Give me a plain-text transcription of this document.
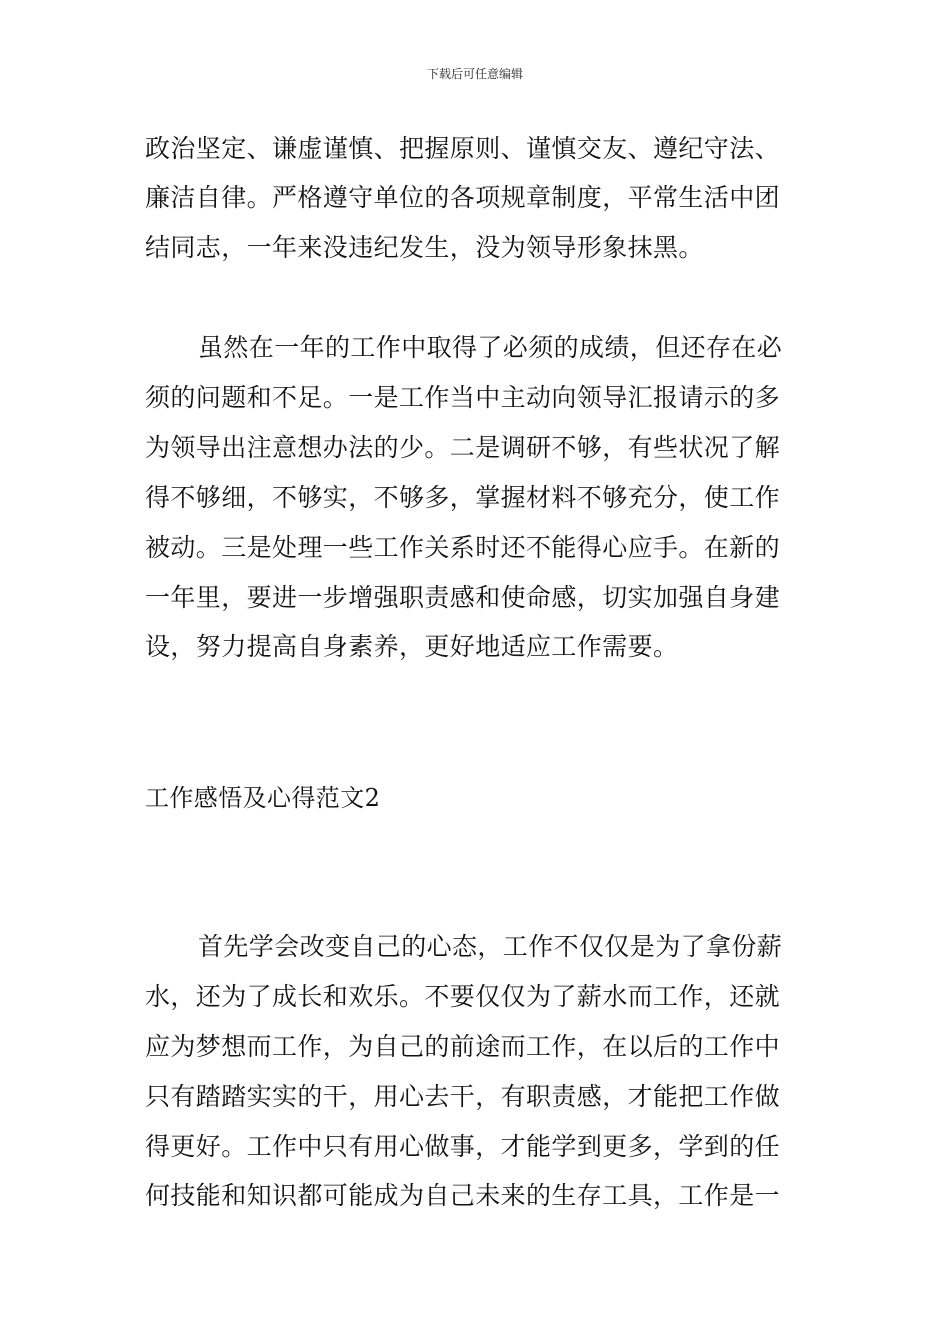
下载后可任意编辑
政治坚定、谦虚谨慎、把握原则、谨慎交友、遵纪守法、
廉洁自律。严格遵守单位的各项规章制度，平常生活中团
结同志，一年来没违纪发生，没为领导形象抹黑。
虽然在一年的工作中取得了必须的成绩，但还存在必
须的问题和不足。一是工作当中主动向领导汇报请示的多
为领导出注意想办法的少。二是调研不够，有些状况了解
得不够细，不够实，不够多，掌握材料不够充分，使工作
被动。三是处理一些工作关系时还不能得心应手。在新的
一年里，要进一步增强职责感和使命感，切实加强自身建
设，努力提高自身素养，更好地适应工作需要。
工作感悟及心得范文2
首先学会改变自己的心态，工作不仅仅是为了拿份薪
水，还为了成长和欢乐。不要仅仅为了薪水而工作，还就
应为梦想而工作，为自己的前途而工作，在以后的工作中
只有踏踏实实的干，用心去干，有职责感，才能把工作做
得更好。工作中只有用心做事，才能学到更多，学到的任
何技能和知识都可能成为自己未来的生存工具，工作是一
